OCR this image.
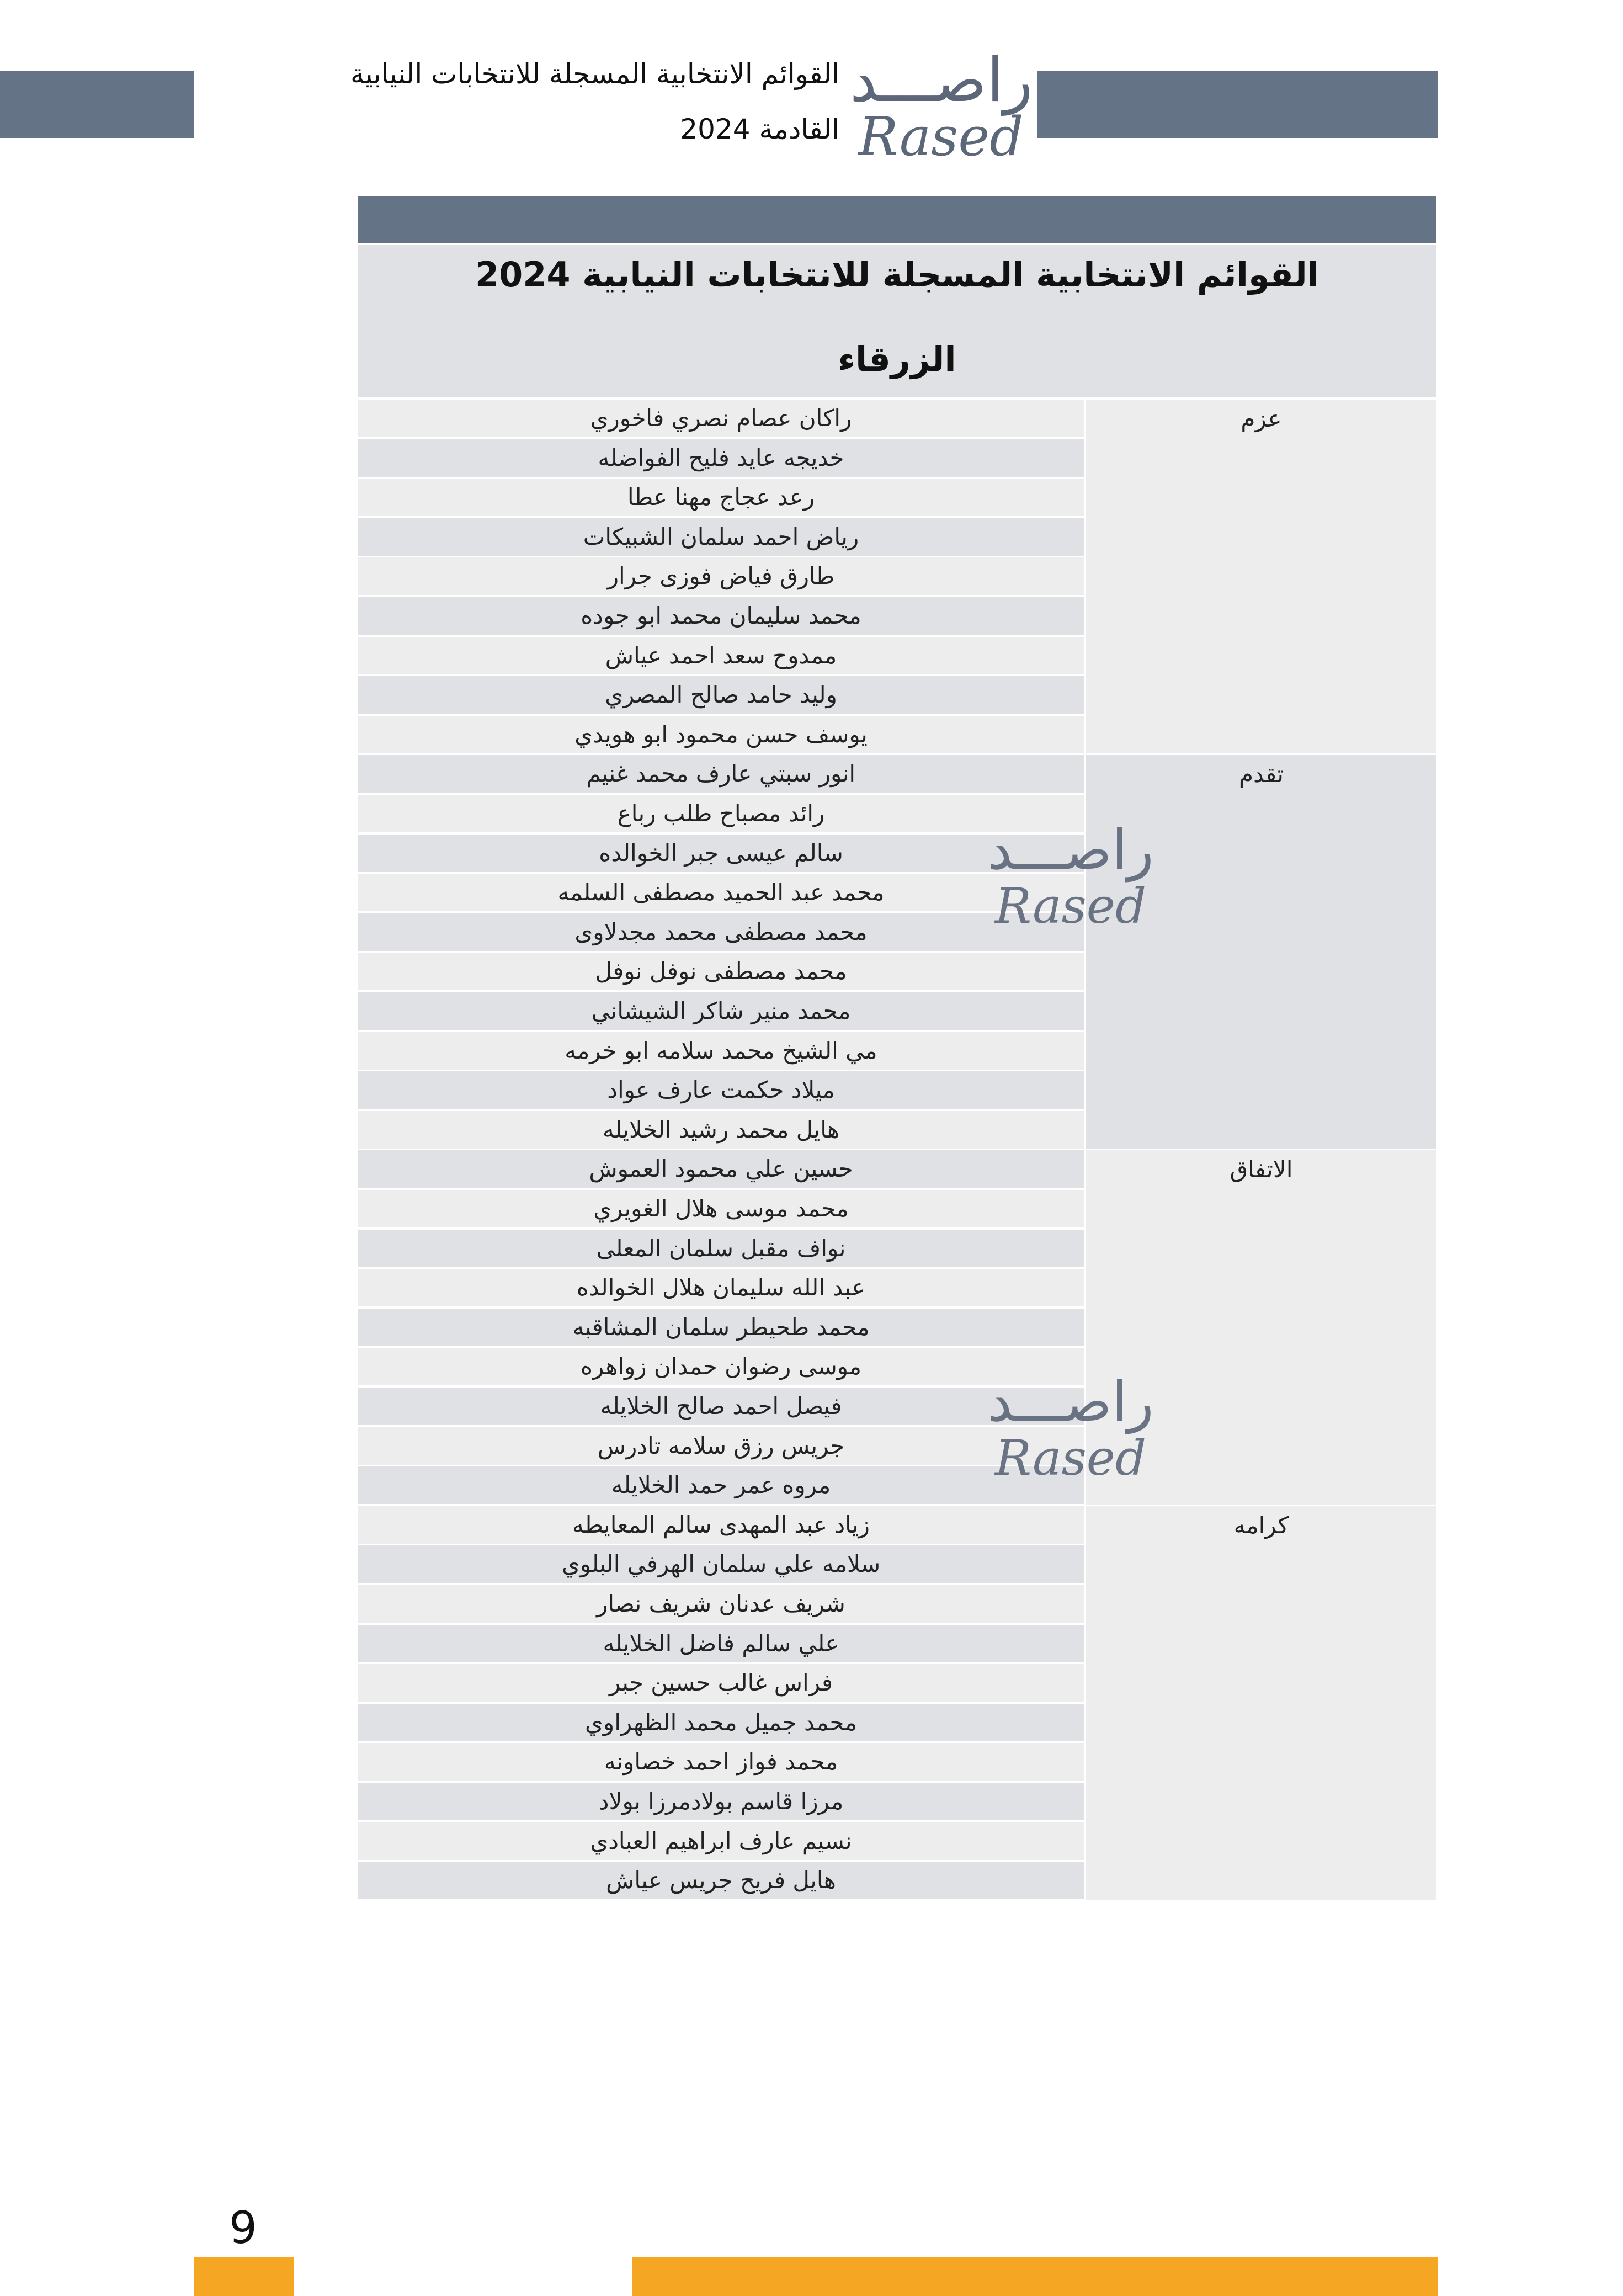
القوائم الانتخابية المسجلة للانتخابات النيابية
القادمة 2024
راصـــد
Rased
القوائم الانتخابية المسجلة للانتخابات النيابية 2024
الزرقاء
راكان عصام نصري فاخوري
خديجه عايد فليح الفواضله
رعد عجاج مهنا عطا
رياض احمد سلمان الشبيكات
طارق فياض فوزى جرار
محمد سليمان محمد ابو جوده
ممدوح سعد احمد عياش
وليد حامد صالح المصري
يوسف حسن محمود ابو هويدي
عزم
انور سبتي عارف محمد غنيم
رائد مصباح طلب رباع
سالم عيسى جبر الخوالده
محمد عبد الحميد مصطفى السلمه
محمد مصطفى محمد مجدلاوى
محمد مصطفى نوفل نوفل
محمد منير شاكر الشيشاني
مي الشيخ محمد سلامه ابو خرمه
ميلاد حكمت عارف عواد
هايل محمد رشيد الخلايله
تقدم
حسين علي محمود العموش
محمد موسى هلال الغويري
نواف مقبل سلمان المعلى
عبد الله سليمان هلال الخوالده
محمد طحيطر سلمان المشاقبه
موسى رضوان حمدان زواهره
فيصل احمد صالح الخلايله
جريس رزق سلامه تادرس
مروه عمر حمد الخلايله
الاتفاق
زياد عبد المهدى سالم المعايطه
سلامه علي سلمان الهرفي البلوي
شريف عدنان شريف نصار
علي سالم فاضل الخلايله
فراس غالب حسين جبر
محمد جميل محمد الظهراوي
محمد فواز احمد خصاونه
مرزا قاسم بولادمرزا بولاد
نسيم عارف ابراهيم العبادي
هايل فريح جريس عياش
كرامه
راصـــد
Rased
راصـــد
Rased
9
